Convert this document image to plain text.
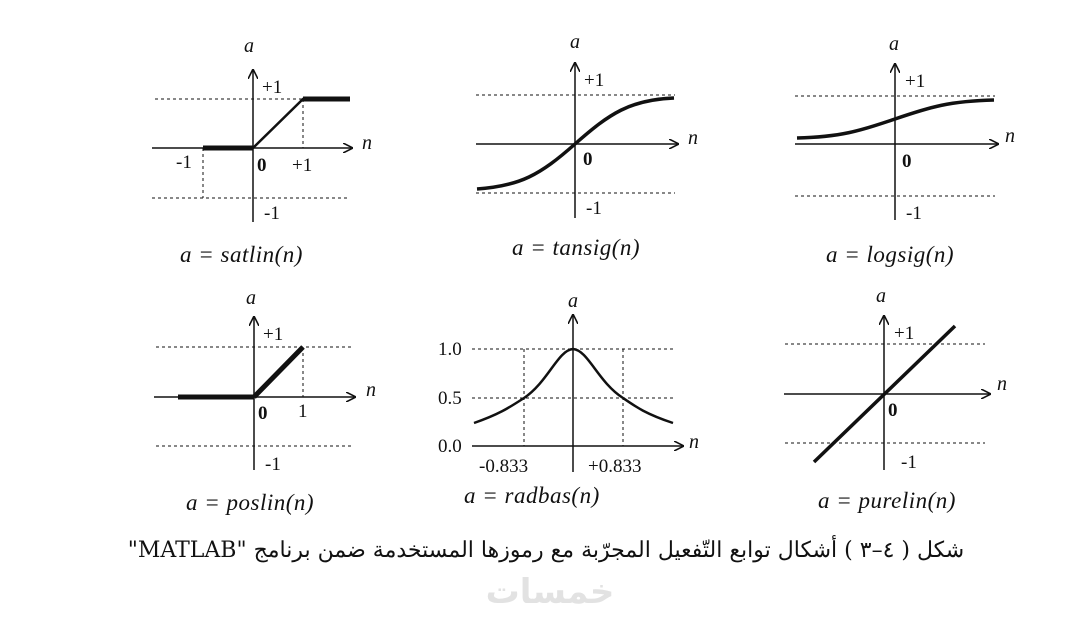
a
n
+1
-1
0
-1	+1
a = satlin(n)
a
n
+1
-1
0
a = tansig(n)
a
n
+1
-1
0
a = logsig(n)
a
n
+1
-1
0 1
a = poslin(n)
a
n
1.0
0.5
0.0
-0.833	+0.833
a = radbas(n)
a
n
+1
-1
0
a = purelin(n)
شكل ( ٤–٣ ) أشكال توابع التّفعيل المجرّبة مع رموزها المستخدمة ضمن برنامج "MATLAB"
خمسات
